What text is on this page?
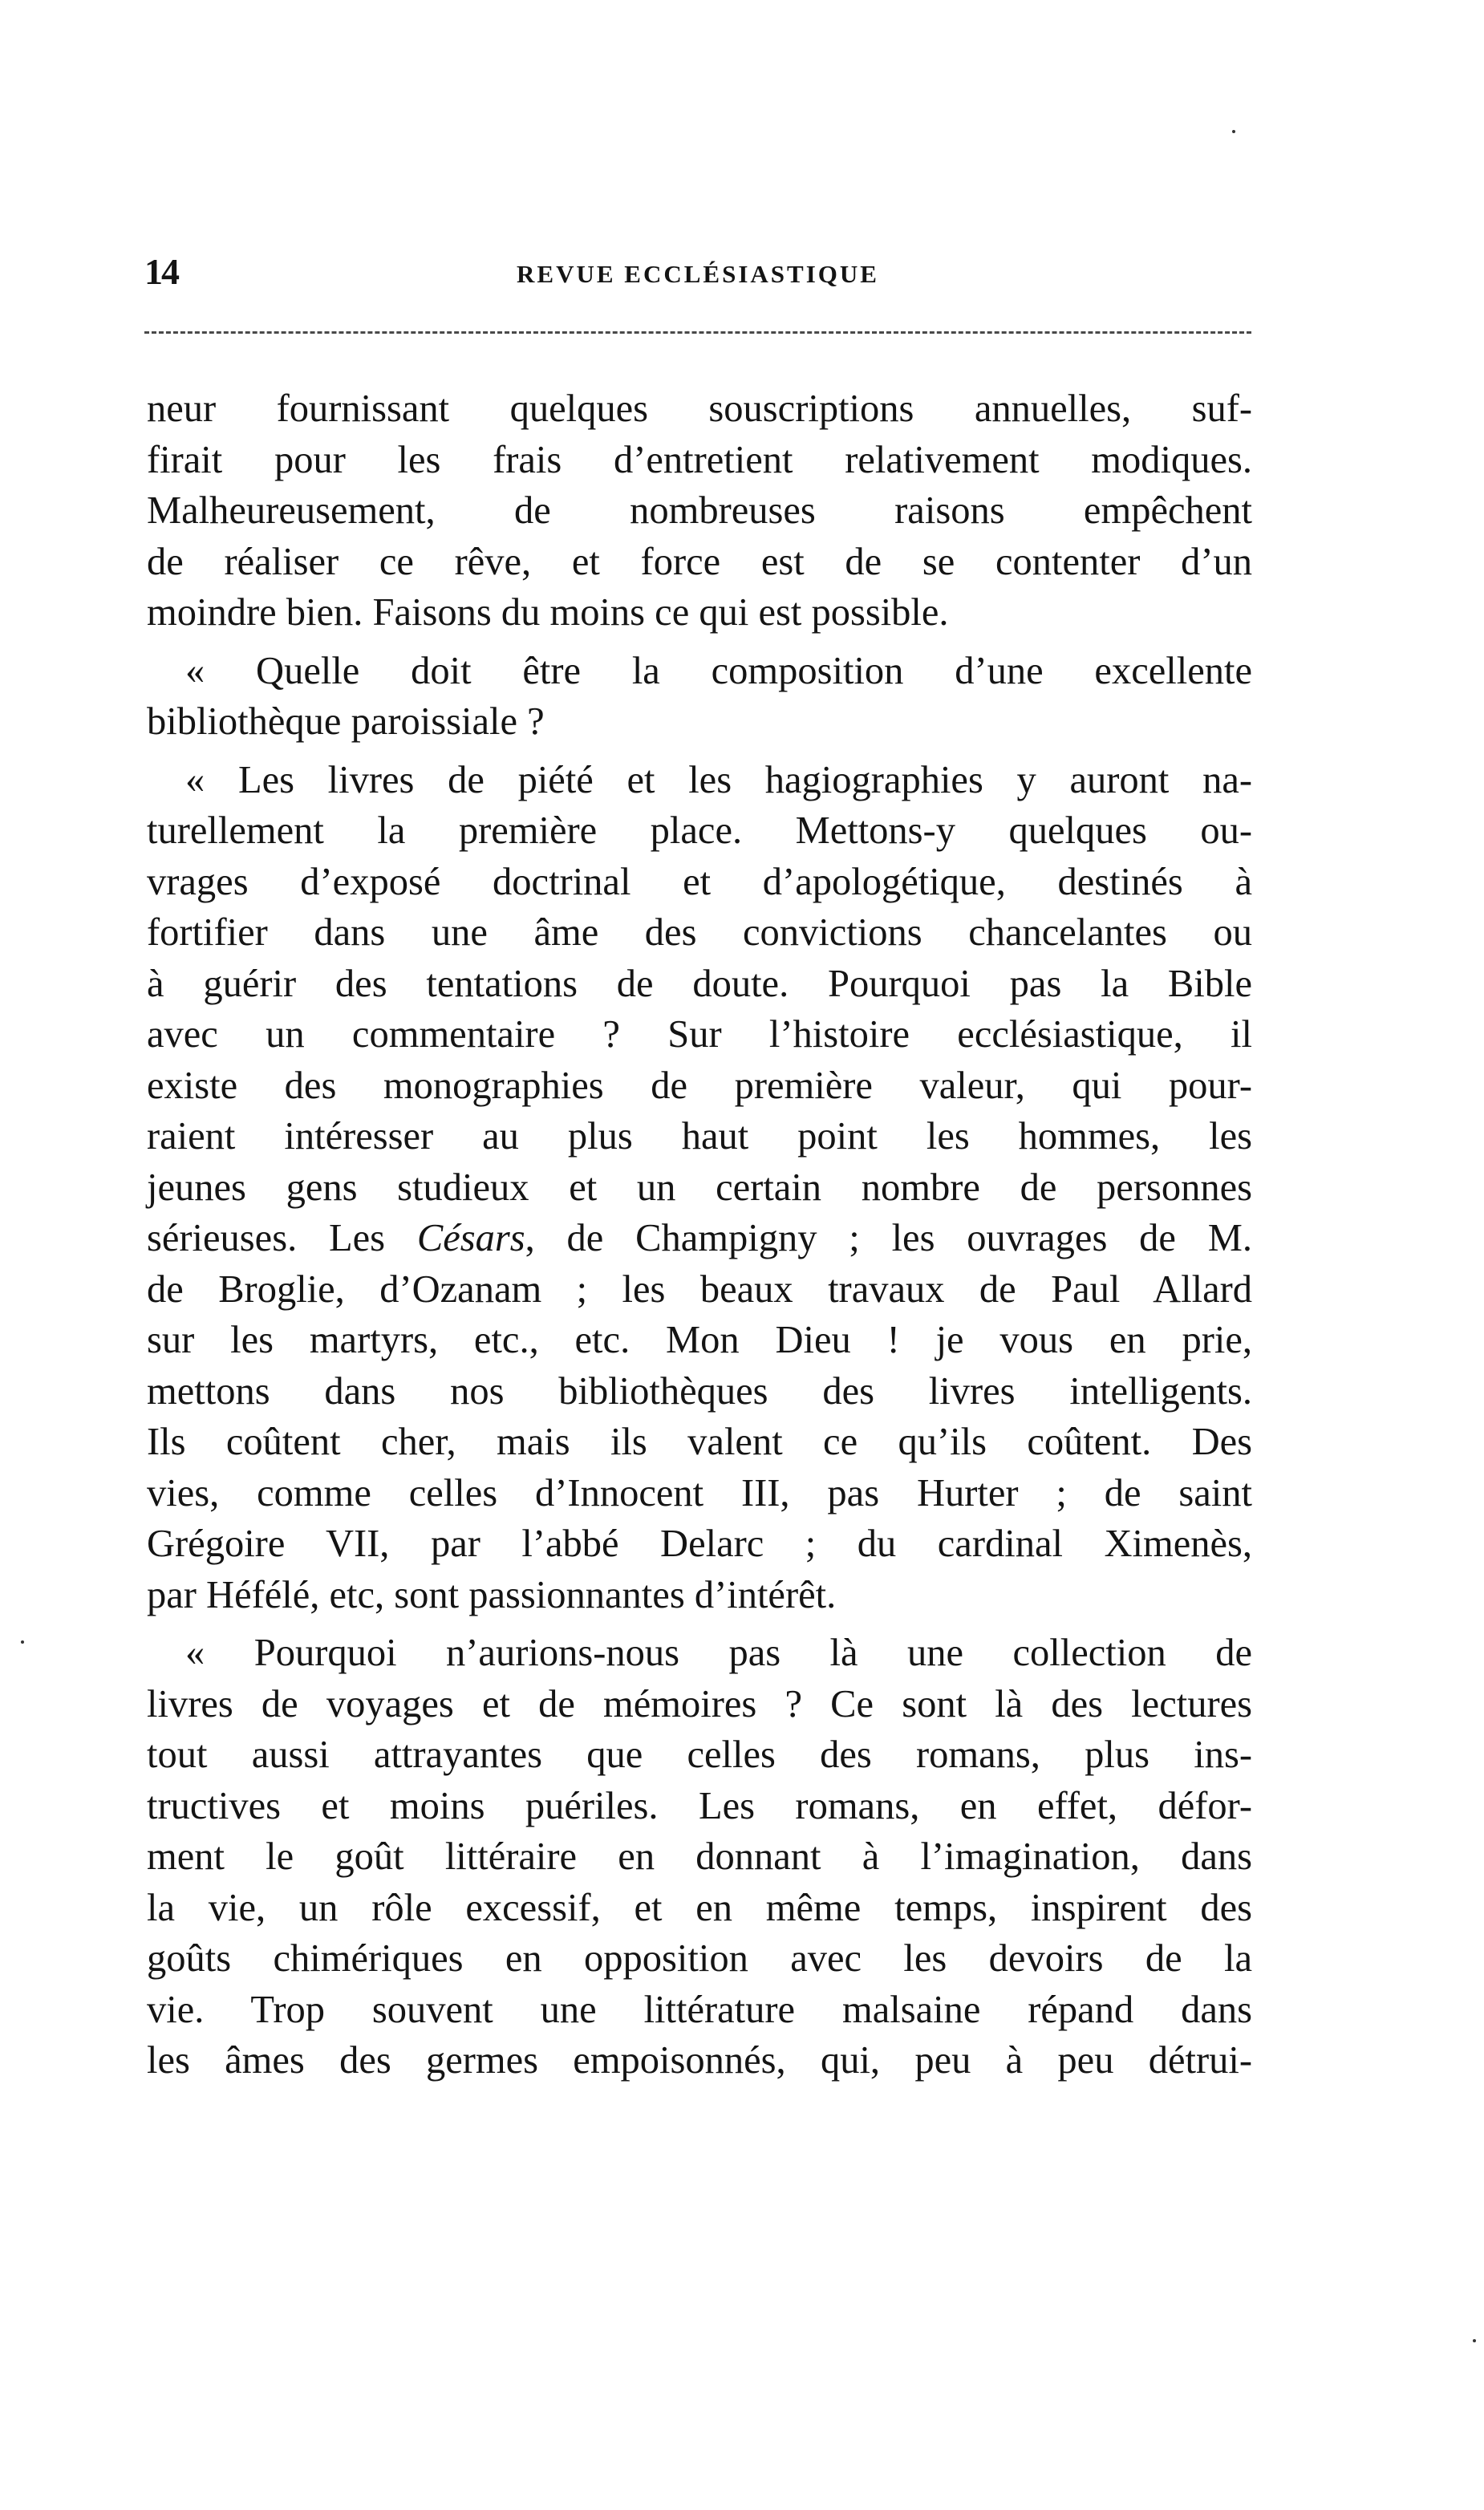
14	REVUE ECCLÉSIASTIQUE
neur fournissant quelques souscriptions annuelles, suf-
firait pour les frais d’entretient relativement modiques.
Malheureusement, de nombreuses raisons empêchent
de réaliser ce rêve, et force est de se contenter d’un
moindre bien. Faisons du moins ce qui est possible.
« Quelle doit être la composition d’une excellente
bibliothèque paroissiale ?
« Les livres de piété et les hagiographies y auront na-
turellement la première place. Mettons-y quelques ou-
vrages d’exposé doctrinal et d’apologétique, destinés à
fortifier dans une âme des convictions chancelantes ou
à guérir des tentations de doute. Pourquoi pas la Bible
avec un commentaire ? Sur l’histoire ecclésiastique, il
existe des monographies de première valeur, qui pour-
raient intéresser au plus haut point les hommes, les
jeunes gens studieux et un certain nombre de personnes
sérieuses. Les Césars, de Champigny ; les ouvrages de M.
de Broglie, d’Ozanam ; les beaux travaux de Paul Allard
sur les martyrs, etc., etc. Mon Dieu ! je vous en prie,
mettons dans nos bibliothèques des livres intelligents.
Ils coûtent cher, mais ils valent ce qu’ils coûtent. Des
vies, comme celles d’Innocent III, pas Hurter ; de saint
Grégoire VII, par l’abbé Delarc ; du cardinal Ximenès,
par Héfélé, etc, sont passionnantes d’intérêt.
« Pourquoi n’aurions-nous pas là une collection de
livres de voyages et de mémoires ? Ce sont là des lectures
tout aussi attrayantes que celles des romans, plus ins-
tructives et moins puériles. Les romans, en effet, défor-
ment le goût littéraire en donnant à l’imagination, dans
la vie, un rôle excessif, et en même temps, inspirent des
goûts chimériques en opposition avec les devoirs de la
vie. Trop souvent une littérature malsaine répand dans
les âmes des germes empoisonnés, qui, peu à peu détrui-
